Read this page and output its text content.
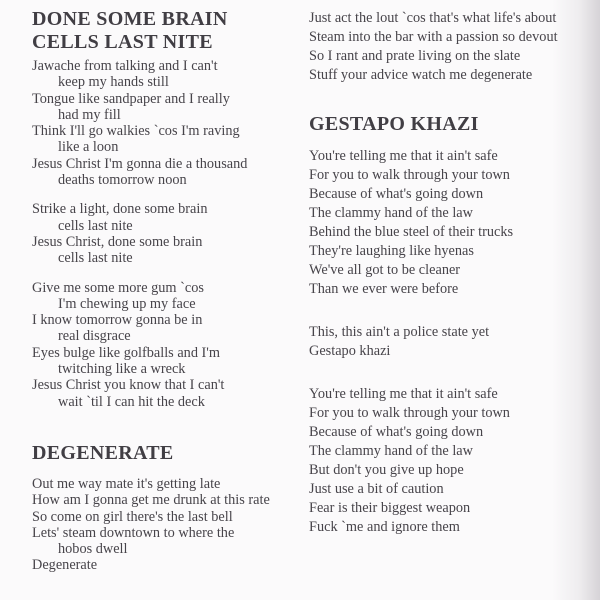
DONE SOME BRAIN
CELLS LAST NITE

Jawache from talking and I can't

keep my hands still

Tongue like sandpaper and I really

had my fill

Think I'll go walkies `cos I'm raving

like a loon

Jesus Christ I'm gonna die a thousand

deaths tomorrow noon

Strike a light, done some brain

cells last nite

Jesus Christ, done some brain

cells last nite

Give me some more gum `cos

I'm chewing up my face

I know tomorrow gonna be in

real disgrace

Eyes bulge like golfballs and I'm

twitching like a wreck

Jesus Christ you know that I can't

wait `til I can hit the deck

DEGENERATE

Out me way mate it's getting late

How am I gonna get me drunk at this rate

So come on girl there's the last bell

Lets' steam downtown to where the

hobos dwell

Degenerate

Just act the lout `cos that's what life's about

Steam into the bar with a passion so devout

So I rant and prate living on the slate

Stuff your advice watch me degenerate

GESTAPO KHAZI

You're telling me that it ain't safe

For you to walk through your town

Because of what's going down

The clammy hand of the law

Behind the blue steel of their trucks

They're laughing like hyenas

We've all got to be cleaner

Than we ever were before

This, this ain't a police state yet

Gestapo khazi

You're telling me that it ain't safe

For you to walk through your town

Because of what's going down

The clammy hand of the law

But don't you give up hope

Just use a bit of caution

Fear is their biggest weapon

Fuck `me and ignore them
